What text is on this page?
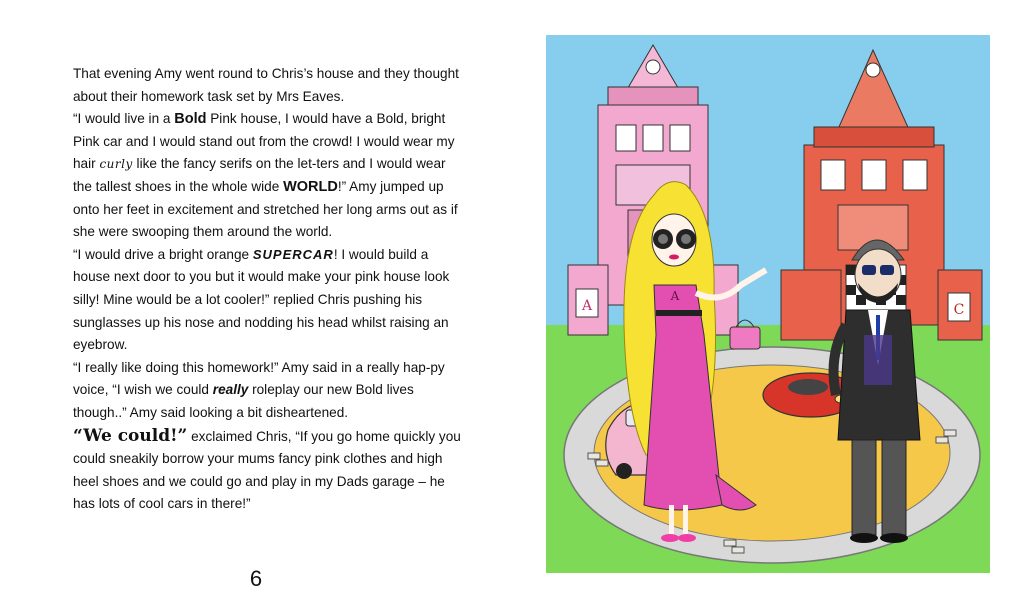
That evening Amy went round to Chris’s house and they thought about their homework task set by Mrs Eaves.

“I would live in a Bold Pink house, I would have a Bold, bright Pink car and I would stand out from the crowd! I would wear my hair curly like the fancy serifs on the let-ters and I would wear the tallest shoes in the whole wide WORLD!” Amy jumped up onto her feet in excitement and stretched her long arms out as if she were swooping them around the world.

“I would drive a bright orange SUPERCAR! I would build a house next door to you but it would make your pink house look silly! Mine would be a lot cooler!” replied Chris pushing his sunglasses up his nose and nodding his head whilst raising an eyebrow.

“I really like doing this homework!” Amy said in a really hap-py voice, “I wish we could really roleplay our new Bold lives though..” Amy said looking a bit disheartened.

“We could!” exclaimed Chris, “If you go home quickly you could sneakily borrow your mums fancy pink clothes and high heel shoes and we could go and play in my Dads garage – he has lots of cool cars in there!”

6
A	C
A
